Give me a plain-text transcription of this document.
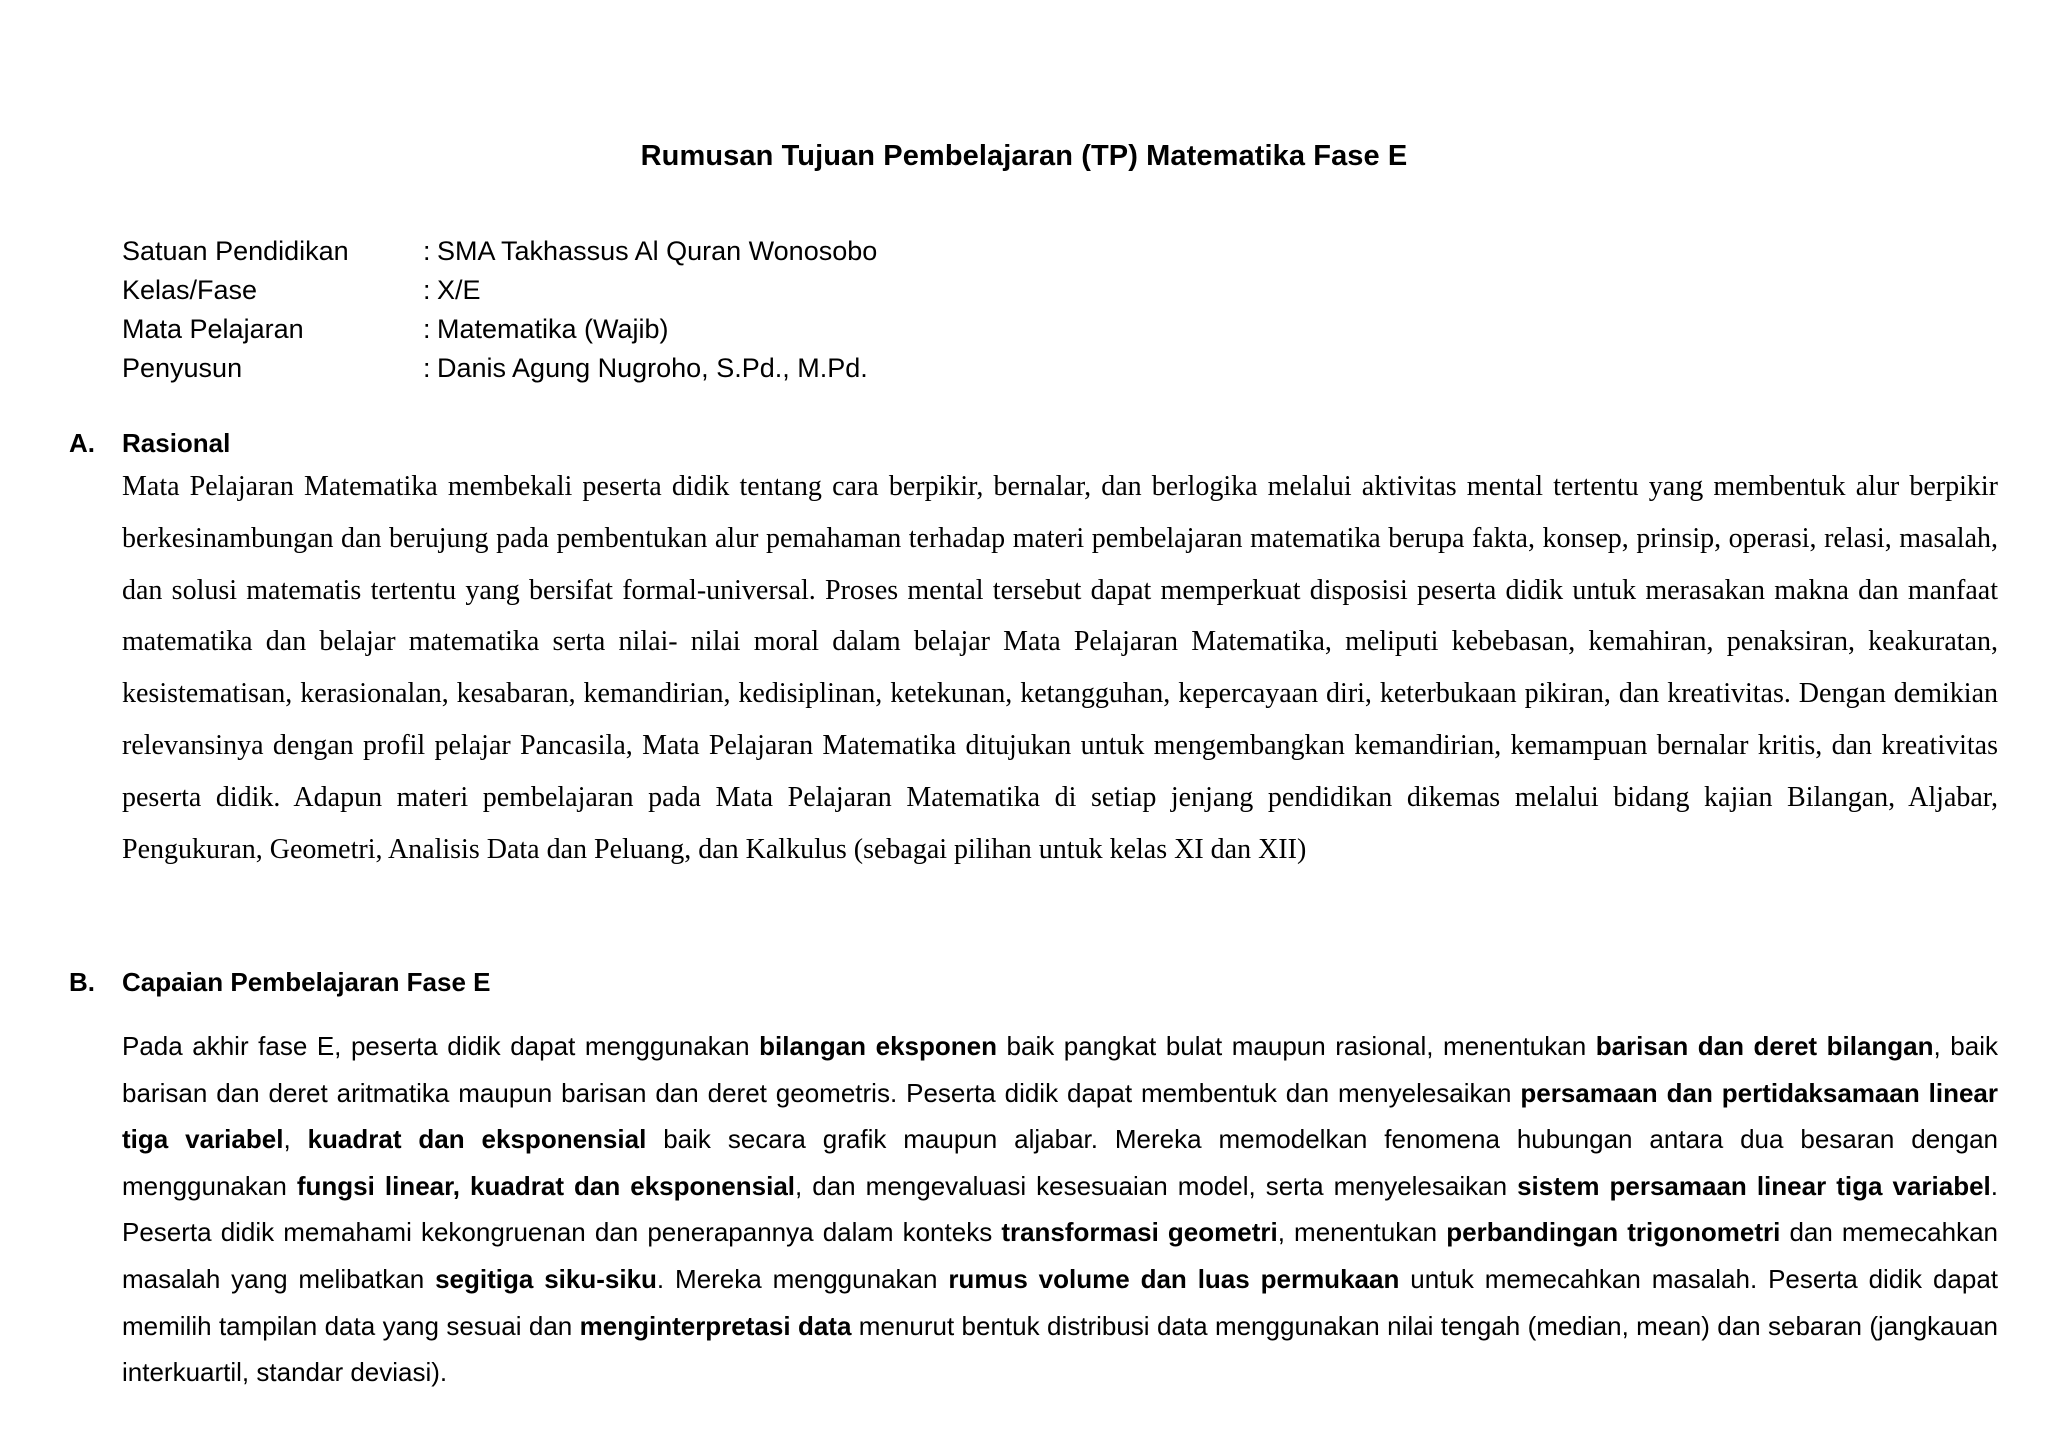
Rumusan Tujuan Pembelajaran (TP) Matematika Fase E
Satuan Pendidikan	: SMA Takhassus Al Quran Wonosobo
Kelas/Fase	: X/E
Mata Pelajaran	: Matematika (Wajib)
Penyusun	: Danis Agung Nugroho, S.Pd., M.Pd.
A. Rasional

Mata Pelajaran Matematika membekali peserta didik tentang cara berpikir, bernalar, dan berlogika melalui aktivitas mental tertentu yang membentuk alur berpikir berkesinambungan dan berujung pada pembentukan alur pemahaman terhadap materi pembelajaran matematika berupa fakta, konsep, prinsip, operasi, relasi, masalah, dan solusi matematis tertentu yang bersifat formal-universal. Proses mental tersebut dapat memperkuat disposisi peserta didik untuk merasakan makna dan manfaat matematika dan belajar matematika serta nilai- nilai moral dalam belajar Mata Pelajaran Matematika, meliputi kebebasan, kemahiran, penaksiran, keakuratan, kesistematisan, kerasionalan, kesabaran, kemandirian, kedisiplinan, ketekunan, ketangguhan, kepercayaan diri, keterbukaan pikiran, dan kreativitas. Dengan demikian relevansinya dengan profil pelajar Pancasila, Mata Pelajaran Matematika ditujukan untuk mengembangkan kemandirian, kemampuan bernalar kritis, dan kreativitas peserta didik. Adapun materi pembelajaran pada Mata Pelajaran Matematika di setiap jenjang pendidikan dikemas melalui bidang kajian Bilangan, Aljabar, Pengukuran, Geometri, Analisis Data dan Peluang, dan Kalkulus (sebagai pilihan untuk kelas XI dan XII)

B. Capaian Pembelajaran Fase E

Pada akhir fase E, peserta didik dapat menggunakan bilangan eksponen baik pangkat bulat maupun rasional, menentukan barisan dan deret bilangan, baik barisan dan deret aritmatika maupun barisan dan deret geometris. Peserta didik dapat membentuk dan menyelesaikan persamaan dan pertidaksamaan linear tiga variabel, kuadrat dan eksponensial baik secara grafik maupun aljabar. Mereka memodelkan fenomena hubungan antara dua besaran dengan menggunakan fungsi linear, kuadrat dan eksponensial, dan mengevaluasi kesesuaian model, serta menyelesaikan sistem persamaan linear tiga variabel. Peserta didik memahami kekongruenan dan penerapannya dalam konteks transformasi geometri, menentukan perbandingan trigonometri dan memecahkan masalah yang melibatkan segitiga siku-siku. Mereka menggunakan rumus volume dan luas permukaan untuk memecahkan masalah. Peserta didik dapat memilih tampilan data yang sesuai dan menginterpretasi data menurut bentuk distribusi data menggunakan nilai tengah (median, mean) dan sebaran (jangkauan interkuartil, standar deviasi).
